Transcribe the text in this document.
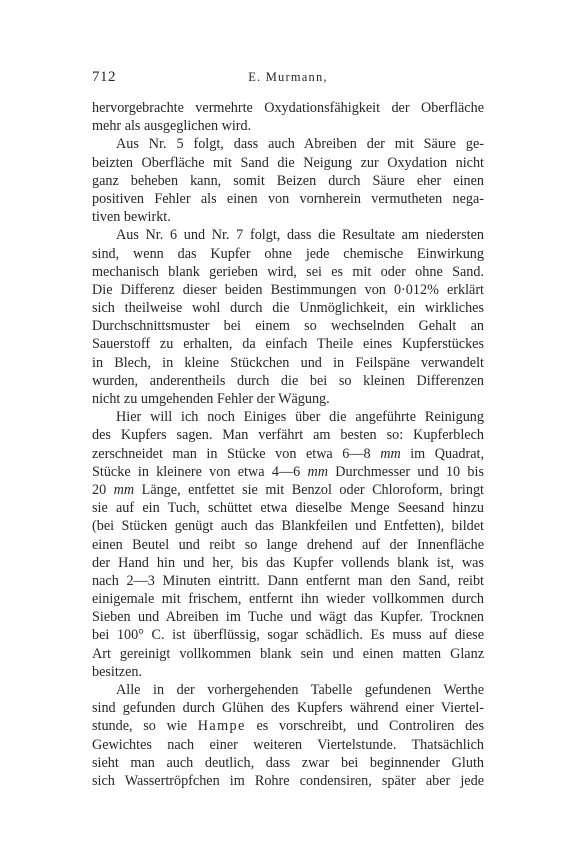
712	E. Murmann,
hervorgebrachte vermehrte Oxydationsfähigkeit der Oberfläche
mehr als ausgeglichen wird.
Aus Nr. 5 folgt, dass auch Abreiben der mit Säure ge-
beizten Oberfläche mit Sand die Neigung zur Oxydation nicht
ganz beheben kann, somit Beizen durch Säure eher einen
positiven Fehler als einen von vornherein vermutheten nega-
tiven bewirkt.
Aus Nr. 6 und Nr. 7 folgt, dass die Resultate am niedersten
sind, wenn das Kupfer ohne jede chemische Einwirkung
mechanisch blank gerieben wird, sei es mit oder ohne Sand.
Die Differenz dieser beiden Bestimmungen von 0·012% erklärt
sich theilweise wohl durch die Unmöglichkeit, ein wirkliches
Durchschnittsmuster bei einem so wechselnden Gehalt an
Sauerstoff zu erhalten, da einfach Theile eines Kupferstückes
in Blech, in kleine Stückchen und in Feilspäne verwandelt
wurden, anderentheils durch die bei so kleinen Differenzen
nicht zu umgehenden Fehler der Wägung.
Hier will ich noch Einiges über die angeführte Reinigung
des Kupfers sagen. Man verfährt am besten so: Kupferblech
zerschneidet man in Stücke von etwa 6—8 mm im Quadrat,
Stücke in kleinere von etwa 4—6 mm Durchmesser und 10 bis
20 mm Länge, entfettet sie mit Benzol oder Chloroform, bringt
sie auf ein Tuch, schüttet etwa dieselbe Menge Seesand hinzu
(bei Stücken genügt auch das Blankfeilen und Entfetten), bildet
einen Beutel und reibt so lange drehend auf der Innenfläche
der Hand hin und her, bis das Kupfer vollends blank ist, was
nach 2—3 Minuten eintritt. Dann entfernt man den Sand, reibt
einigemale mit frischem, entfernt ihn wieder vollkommen durch
Sieben und Abreiben im Tuche und wägt das Kupfer. Trocknen
bei 100° C. ist überflüssig, sogar schädlich. Es muss auf diese
Art gereinigt vollkommen blank sein und einen matten Glanz
besitzen.
Alle in der vorhergehenden Tabelle gefundenen Werthe
sind gefunden durch Glühen des Kupfers während einer Viertel-
stunde, so wie Hampe es vorschreibt, und Controliren des
Gewichtes nach einer weiteren Viertelstunde. Thatsächlich
sieht man auch deutlich, dass zwar bei beginnender Gluth
sich Wassertröpfchen im Rohre condensiren, später aber jede
